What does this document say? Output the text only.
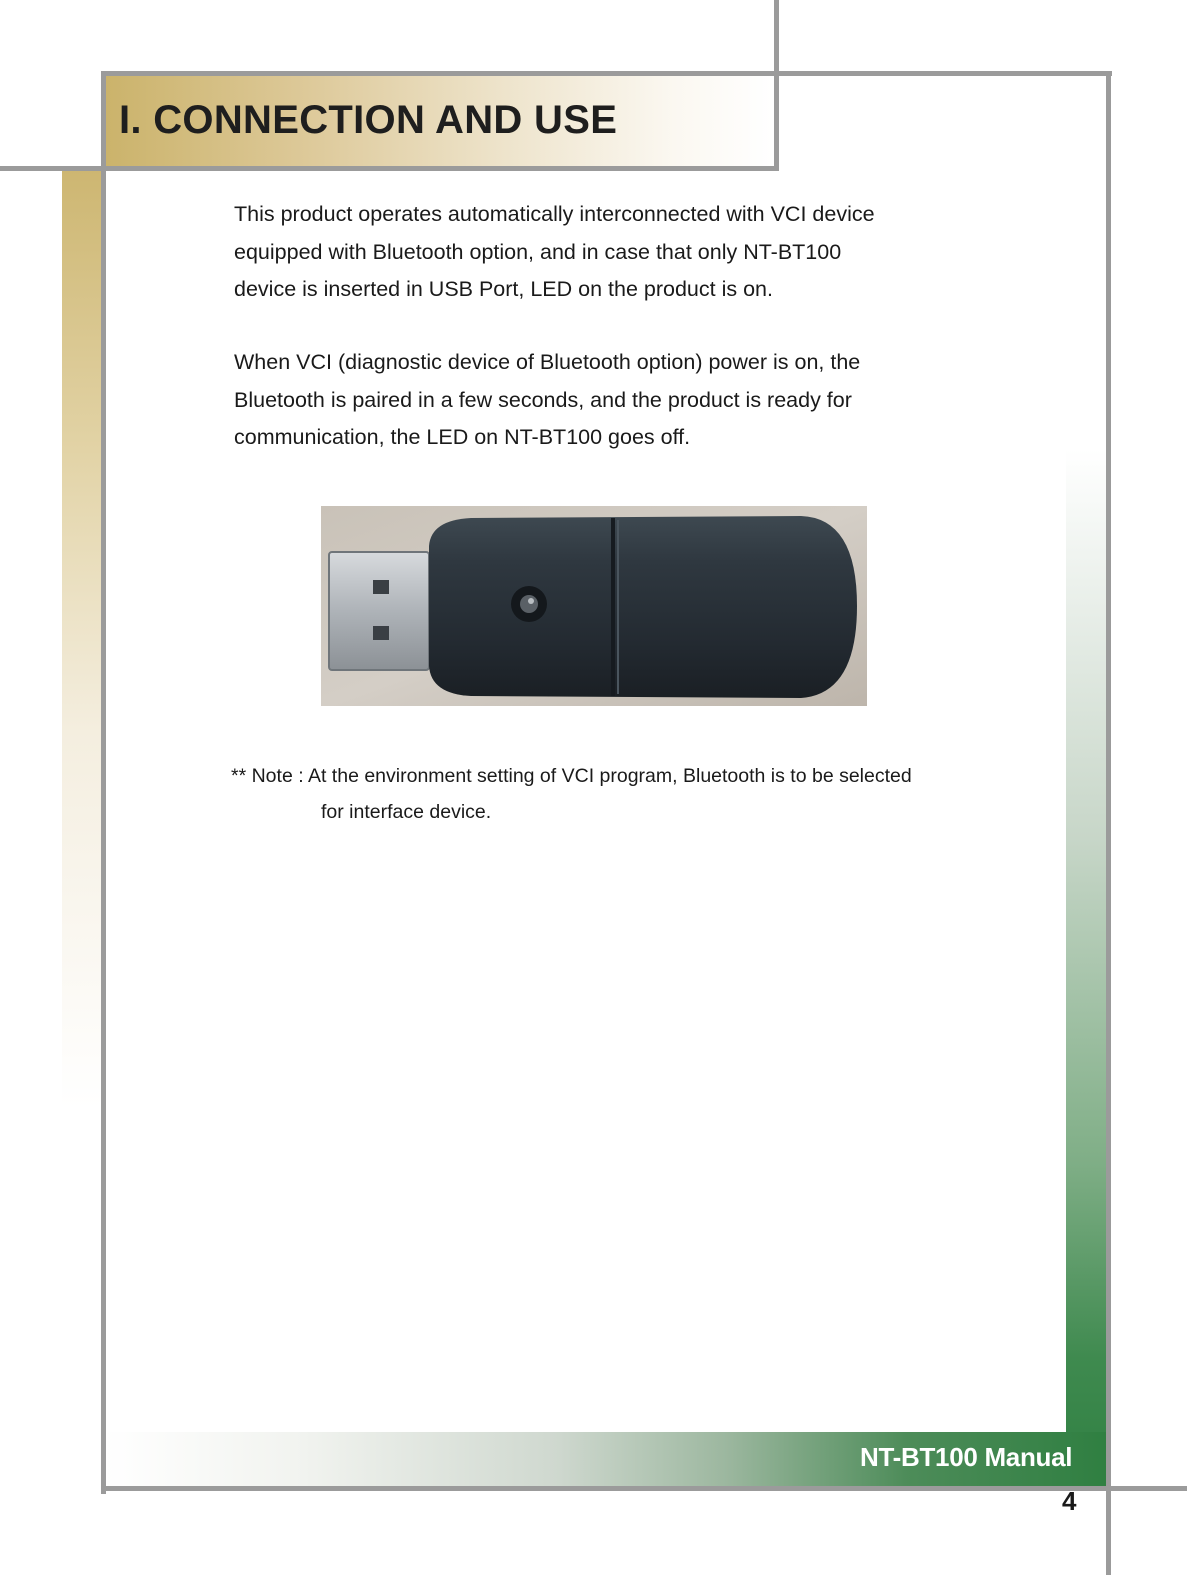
I. CONNECTION AND USE

This product operates automatically interconnected with VCI device
equipped with Bluetooth option, and in case that only NT-BT100
device is inserted in USB Port, LED on the product is on.

When VCI (diagnostic device of Bluetooth option) power is on, the
Bluetooth is paired in a few seconds, and the product is ready for
communication, the LED on NT-BT100 goes off.

** Note : At the environment setting of VCI program, Bluetooth is to be selected
for interface device.

NT-BT100 Manual
4
